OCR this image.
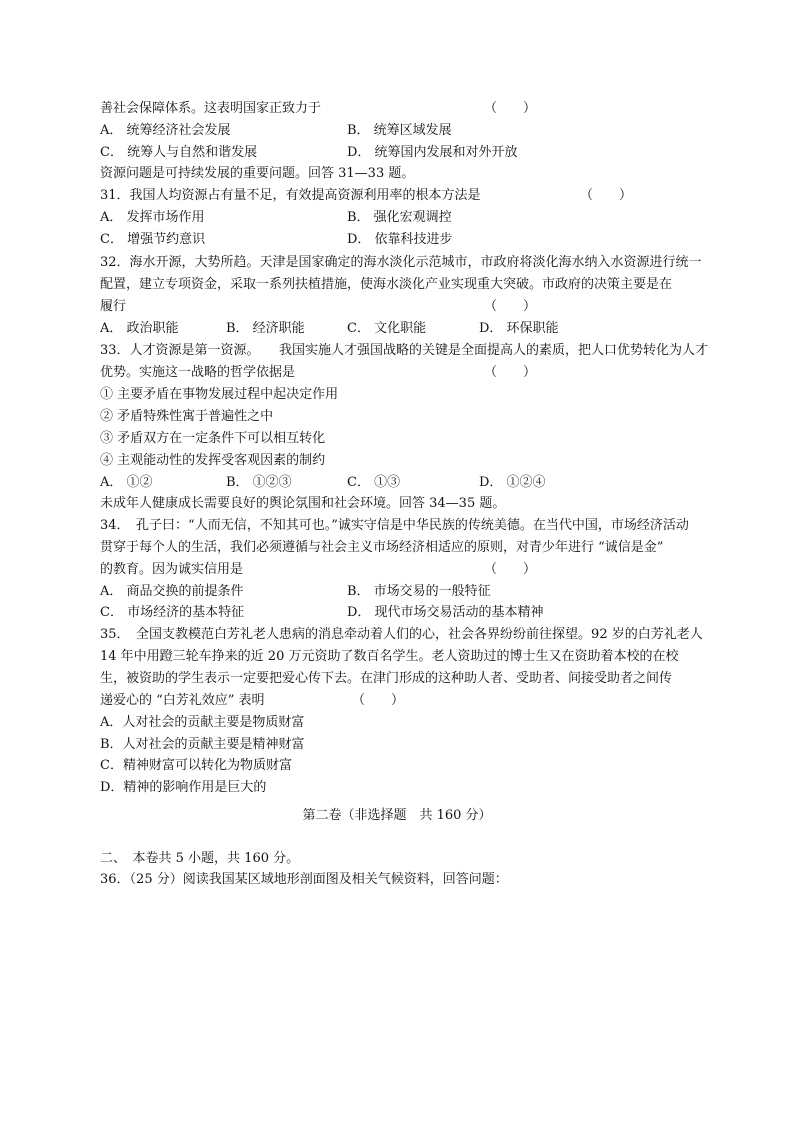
善社会保障体系。这表明国家正致力于	（　　）
A． 统筹经济社会发展	B． 统筹区域发展
C． 统筹人与自然和谐发展	D． 统筹国内发展和对外开放
资源问题是可持续发展的重要问题。回答 31—33 题。
31．我国人均资源占有量不足，有效提高资源利用率的根本方法是	（　　）
A． 发挥市场作用	B． 强化宏观调控
C． 增强节约意识	D． 依靠科技进步
32．海水开源，大势所趋。天津是国家确定的海水淡化示范城市，市政府将淡化海水纳入水资源进行统一
配置，建立专项资金，采取一系列扶植措施，使海水淡化产业实现重大突破。市政府的决策主要是在
履行	（　　）
A． 政治职能	B． 经济职能	C． 文化职能	D． 环保职能
33．人才资源是第一资源。　　我国实施人才强国战略的关键是全面提高人的素质，把人口优势转化为人才
优势。实施这一战略的哲学依据是	（　　）
① 主要矛盾在事物发展过程中起决定作用
② 矛盾特殊性寓于普遍性之中
③ 矛盾双方在一定条件下可以相互转化
④ 主观能动性的发挥受客观因素的制约
A． ①②	B． ①②③	C． ①③	D． ①②④
未成年人健康成长需要良好的舆论氛围和社会环境。回答 34—35 题。
34．　孔子曰：“人而无信，不知其可也。”诚实守信是中华民族的传统美德。在当代中国，市场经济活动
贯穿于每个人的生活，我们必须遵循与社会主义市场经济相适应的原则，对青少年进行 “诚信是金”
的教育。因为诚实信用是	（　　）
A． 商品交换的前提条件	B． 市场交易的一般特征
C． 市场经济的基本特征	D． 现代市场交易活动的基本精神
35．　全国支教模范白芳礼老人患病的消息牵动着人们的心，社会各界纷纷前往探望。92 岁的白芳礼老人
14 年中用蹬三轮车挣来的近 20 万元资助了数百名学生。老人资助过的博士生又在资助着本校的在校
生，被资助的学生表示一定要把爱心传下去。在津门形成的这种助人者、受助者、间接受助者之间传
递爱心的 “白芳礼效应” 表明	（　　）
A．人对社会的贡献主要是物质财富
B．人对社会的贡献主要是精神财富
C．精神财富可以转化为物质财富
D．精神的影响作用是巨大的
第二卷（非选择题　共 160 分）
二、　本卷共 5 小题，共 160 分。
36．（25 分）阅读我国某区域地形剖面图及相关气候资料，回答问题：
